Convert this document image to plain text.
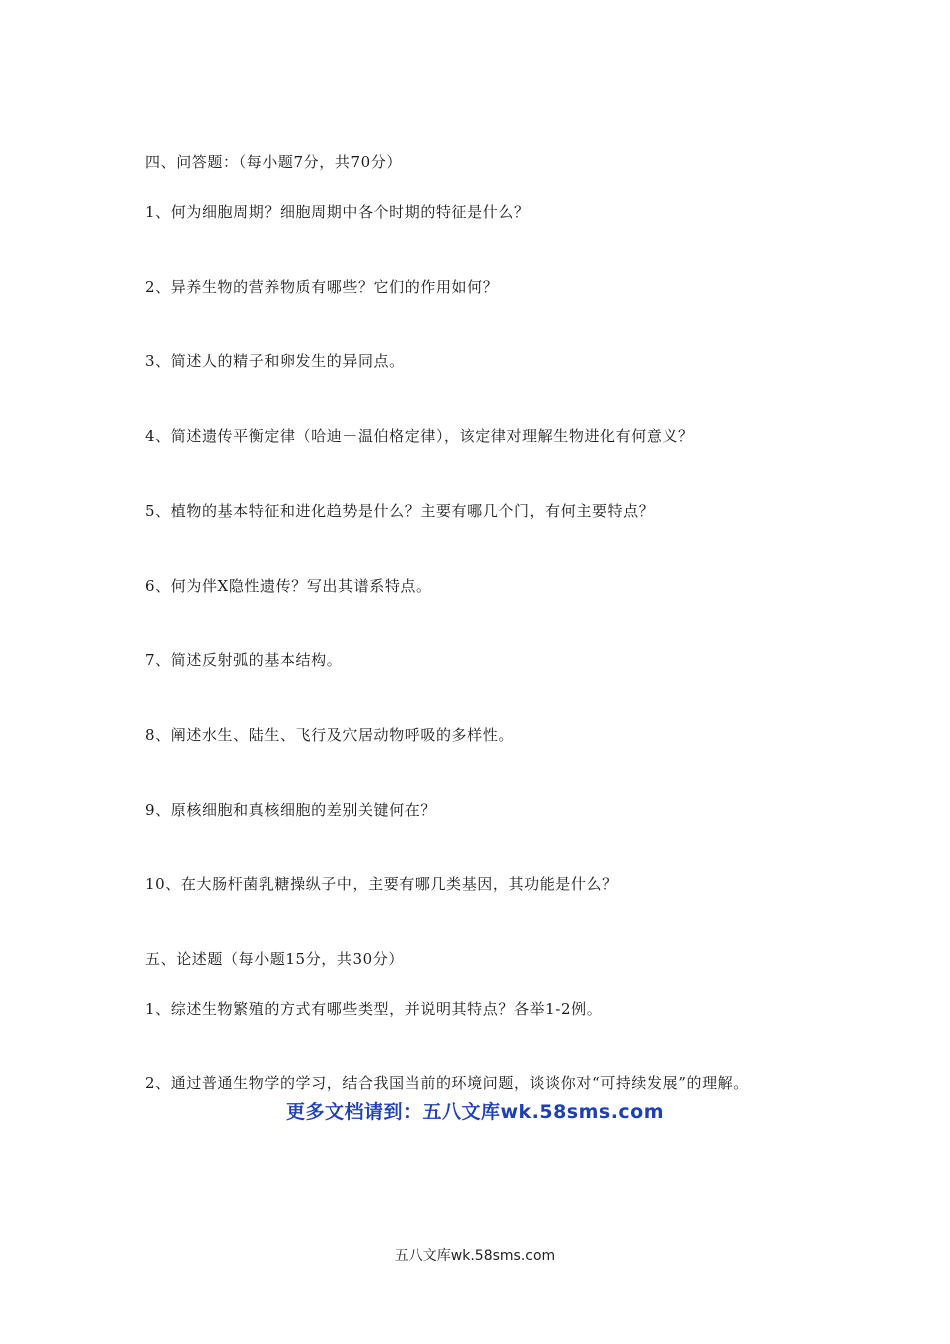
四、问答题：（每小题7分，共70分）
1、何为细胞周期？细胞周期中各个时期的特征是什么？
2、异养生物的营养物质有哪些？它们的作用如何？
3、简述人的精子和卵发生的异同点。
4、简述遗传平衡定律（哈迪－温伯格定律），该定律对理解生物进化有何意义？
5、植物的基本特征和进化趋势是什么？主要有哪几个门，有何主要特点？
6、何为伴X隐性遗传？写出其谱系特点。
7、简述反射弧的基本结构。
8、阐述水生、陆生、飞行及穴居动物呼吸的多样性。
9、原核细胞和真核细胞的差别关键何在？
10、在大肠杆菌乳糖操纵子中，主要有哪几类基因，其功能是什么？
五、论述题（每小题15分，共30分）
1、综述生物繁殖的方式有哪些类型，并说明其特点？各举1-2例。
2、通过普通生物学的学习，结合我国当前的环境问题，谈谈你对“可持续发展”的理解。
更多文档请到：五八文库wk.58sms.com
五八文库wk.58sms.com
